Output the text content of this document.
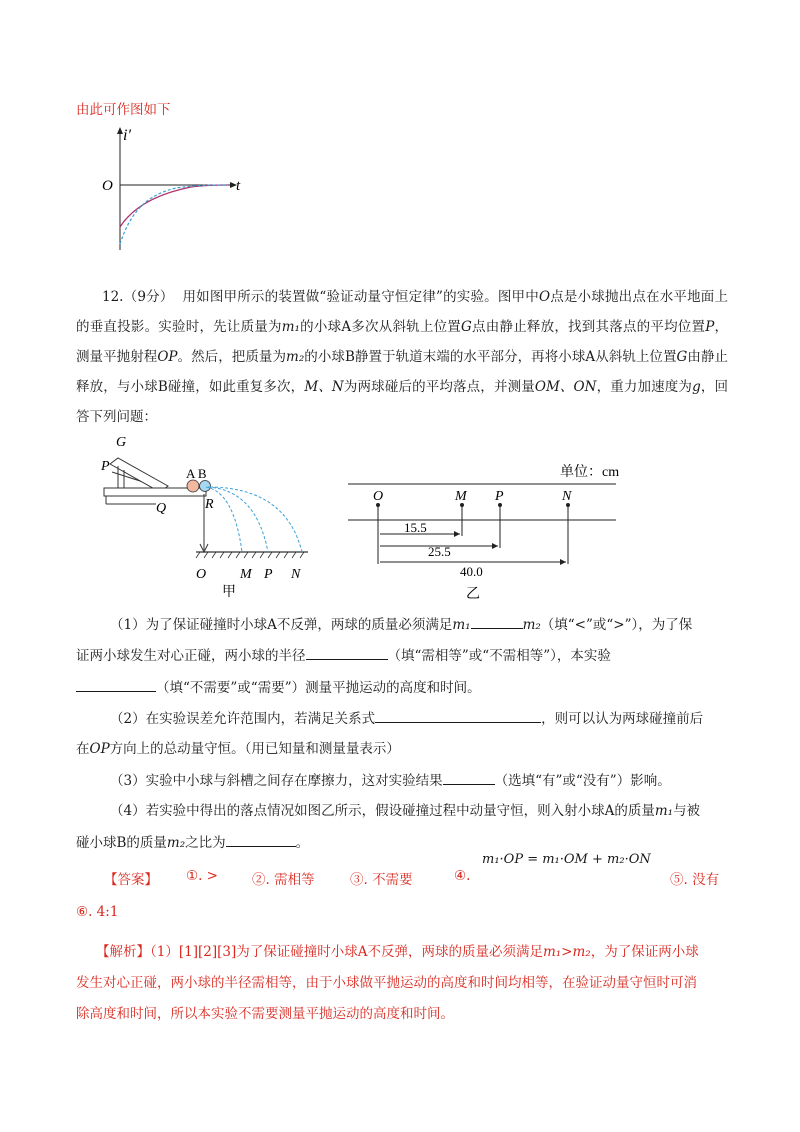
由此可作图如下
i′
O	t
12.（9分） 用如图甲所示的装置做“验证动量守恒定律”的实验。图甲中O点是小球抛出点在水平地面上的垂直投影。实验时，先让质量为m₁的小球A多次从斜轨上位置G点由静止释放，找到其落点的平均位置P，测量平抛射程OP。然后，把质量为m₂的小球B静置于轨道末端的水平部分，再将小球A从斜轨上位置G由静止释放，与小球B碰撞，如此重复多次，M、N为两球碰后的平均落点，并测量OM、ON，重力加速度为g，回答下列问题：
G
P	A B
Q	R
O M P N
甲
单位：cm
O	M P	N
15.5
25.5
40.0
乙
（1）为了保证碰撞时小球A不反弹，两球的质量必须满足m₁	m₂（填“<”或“>”），为了保
证两小球发生对心正碰，两小球的半径	（填“需相等”或“不需相等”），本实验
（填“不需要”或“需要”）测量平抛运动的高度和时间。
（2）在实验误差允许范围内，若满足关系式	，则可以认为两球碰撞前后
在OP方向上的总动量守恒。（用已知量和测量量表示）
（3）实验中小球与斜槽之间存在摩擦力，这对实验结果	（选填“有”或“没有”）影响。
（4）若实验中得出的落点情况如图乙所示，假设碰撞过程中动量守恒，则入射小球A的质量m₁与被
碰小球B的质量m₂之比为	。
【答案】 ①. >	②. 需相等	③. 不需要	④.
m₁·OP = m₁·OM + m₂·ON
⑤. 没有
⑥. 4:1
【解析】（1）[1][2][3]为了保证碰撞时小球A不反弹，两球的质量必须满足m₁>m₂，为了保证两小球
发生对心正碰，两小球的半径需相等，由于小球做平抛运动的高度和时间均相等，在验证动量守恒时可消
除高度和时间，所以本实验不需要测量平抛运动的高度和时间。
